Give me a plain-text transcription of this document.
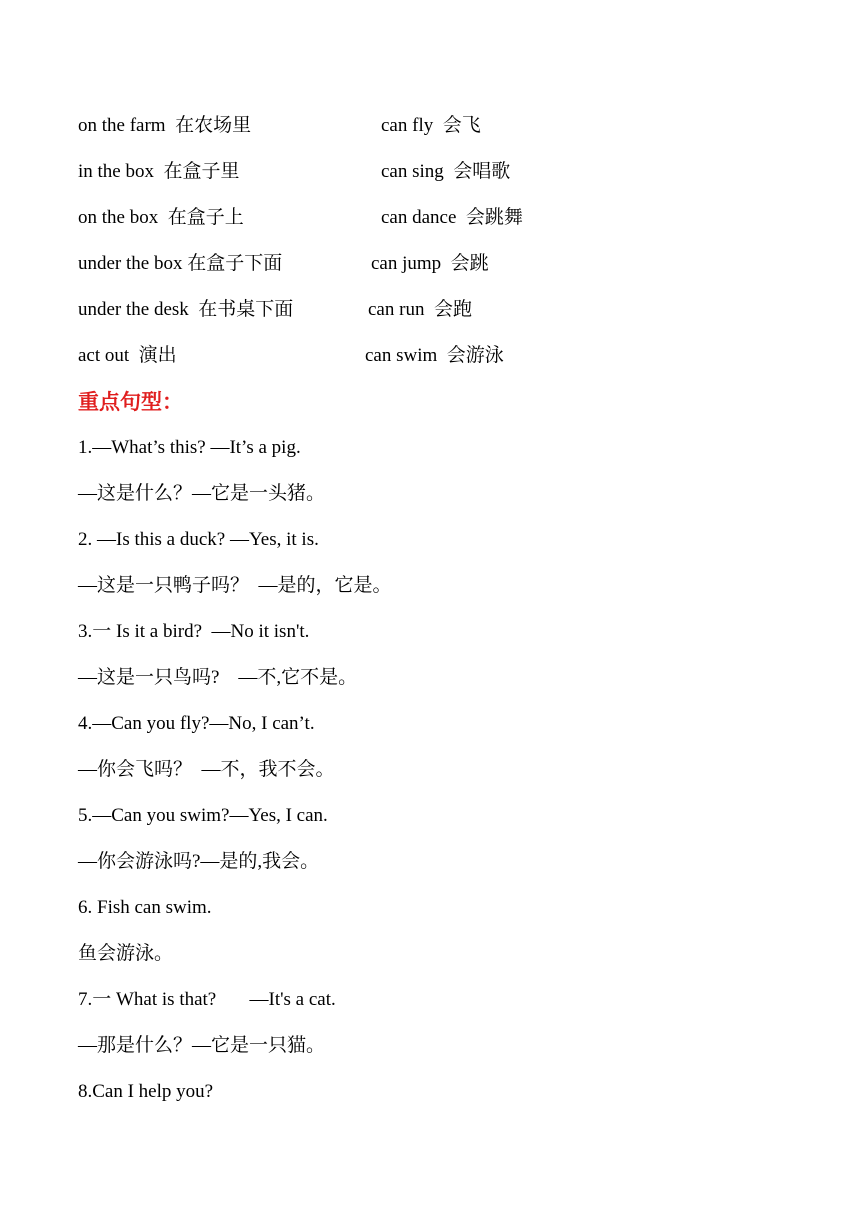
on the farm  在农场里
in the box  在盒子里
on the box  在盒子上
under the box 在盒子下面
under the desk  在书桌下面
act out  演出
can fly  会飞
can sing  会唱歌
can dance  会跳舞
can jump  会跳
can run  会跑
can swim  会游泳
重点句型：
1.—What’s this? —It’s a pig.
—这是什么？—它是一头猪。
2. —Is this a duck? —Yes, it is.
—这是一只鸭子吗？  —是的，它是。
3.一 Is it a bird?  —No it isn't.
—这是一只鸟吗?    —不,它不是。
4.—Can you fly?—No, I can’t.
—你会飞吗？  —不，我不会。
5.—Can you swim?—Yes, I can.
—你会游泳吗?—是的,我会。
6. Fish can swim.
鱼会游泳。
7.一 What is that?       —It's a cat.
—那是什么？—它是一只猫。
8.Can I help you?
